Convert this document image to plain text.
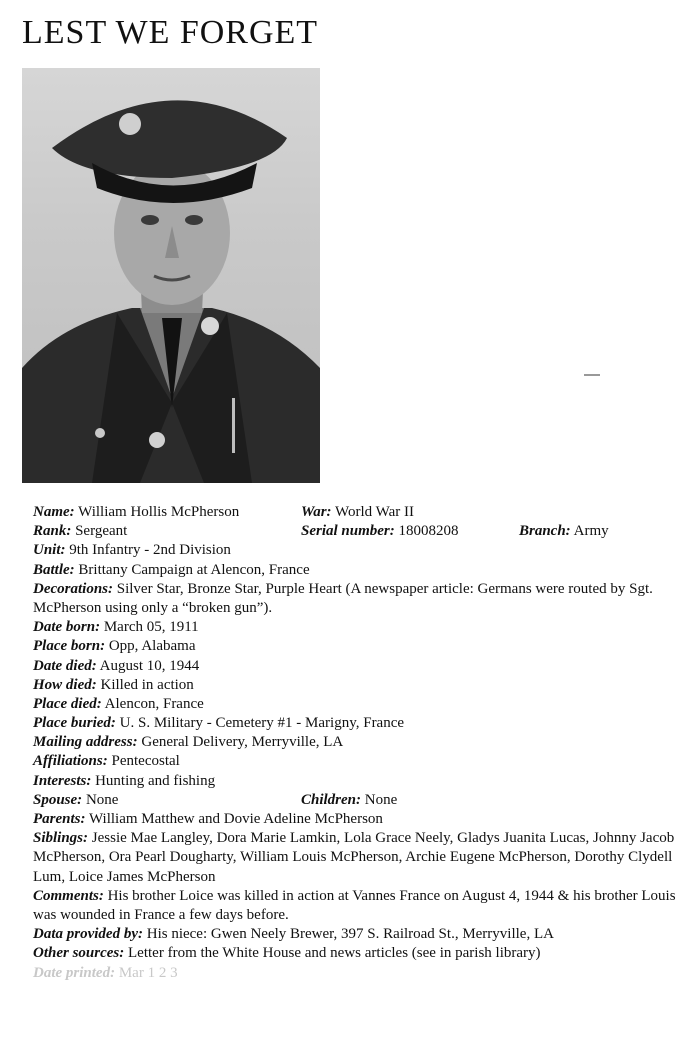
LEST WE FORGET
Name: William Hollis McPherson	War: World War II
Rank: Sergeant	Serial number: 18008208	Branch: Army
Unit: 9th Infantry - 2nd Division
Battle: Brittany Campaign at Alencon, France
Decorations: Silver Star, Bronze Star, Purple Heart (A newspaper article: Germans were routed by Sgt. McPherson using only a “broken gun”).
Date born: March 05, 1911
Place born: Opp, Alabama
Date died: August 10, 1944
How died: Killed in action
Place died: Alencon, France
Place buried: U. S. Military - Cemetery #1 - Marigny, France
Mailing address: General Delivery, Merryville, LA
Affiliations: Pentecostal
Interests: Hunting and fishing
Spouse: None	Children: None
Parents: William Matthew and Dovie Adeline McPherson
Siblings: Jessie Mae Langley, Dora Marie Lamkin, Lola Grace Neely, Gladys Juanita Lucas, Johnny Jacob McPherson, Ora Pearl Dougharty, William Louis McPherson, Archie Eugene McPherson, Dorothy Clydell Lum, Loice James McPherson
Comments: His brother Loice was killed in action at Vannes France on August 4, 1944 & his brother Louis was wounded in France a few days before.
Data provided by: His niece: Gwen Neely Brewer, 397 S. Railroad St., Merryville, LA
Other sources: Letter from the White House and news articles (see in parish library)
Date printed: Mar 1 2 3
